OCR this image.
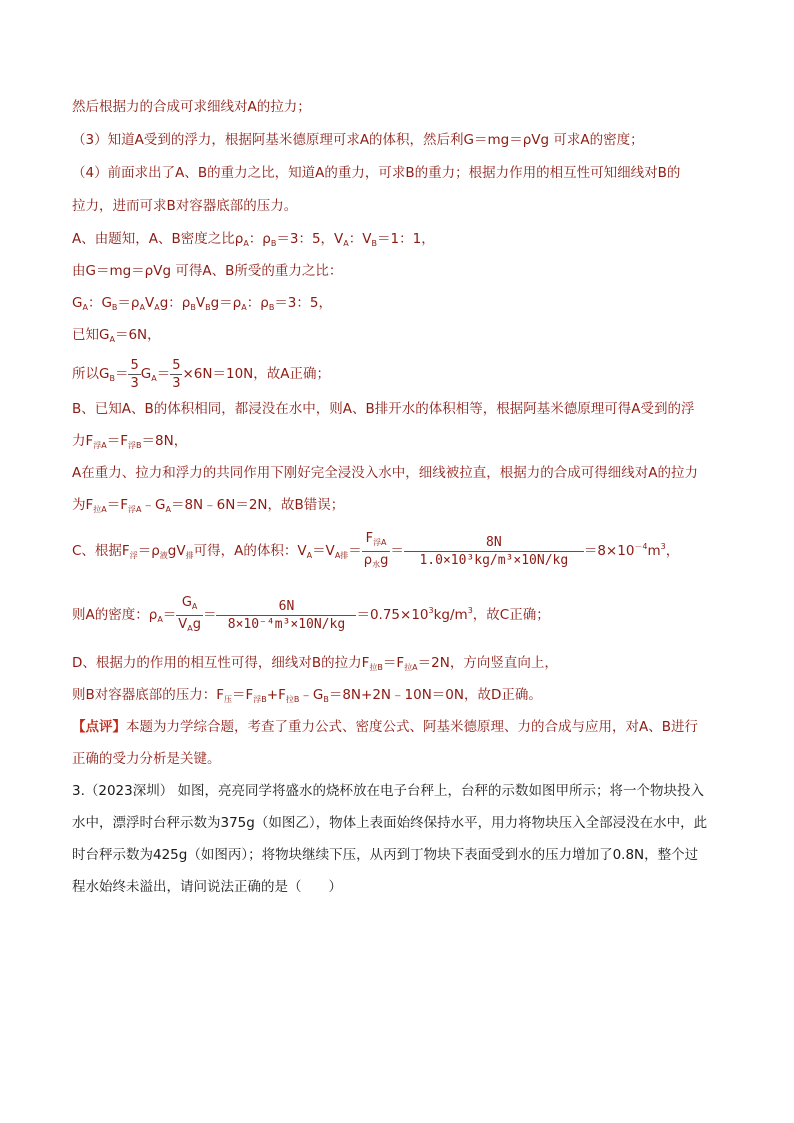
然后根据力的合成可求细线对A的拉力；
（3）知道A受到的浮力，根据阿基米德原理可求A的体积，然后利G＝mg＝ρVg 可求A的密度；
（4）前面求出了A、B的重力之比，知道A的重力，可求B的重力；根据力作用的相互性可知细线对B的
拉力，进而可求B对容器底部的压力。
A、由题知，A、B密度之比$\rho_A$：$\rho_B=3$：5，$V_A$：$V_B=1$：1，
由G＝mg＝ρVg 可得A、B所受的重力之比：
$G_A$：$G_B=\rho_AV_Ag$：$\rho_BV_Bg=\rho_A$：$\rho_B=3$：5，
已知$G_A=6N$，
所以$G_B= \frac{5}{3} G_A= \frac{5}{3} \times 6N=10N$，故A正确；
B、已知A、B的体积相同，都浸没在水中，则A、B排开水的体积相等，根据阿基米德原理可得A受到的浮
力$F_{浮A}=F_{浮B}=8N$，
A在重力、拉力和浮力的共同作用下刚好完全浸没入水中，细线被拉直，根据力的合成可得细线对A的拉力
为$F_{拉A}=F_{浮A}﹣G_A=8N﹣6N=2N$，故B错误；
C、根据$F_浮=\rho_液gV_排$可得，A的体积：$V_A=V_{A排}= \frac{F_{浮A}}{\rho_水g} = \frac{8N}{\text{1.0×10³kg/m³×10N/kg}} =8\times 10^{-4}m^3$，
则A的密度：$\rho_A= \frac{G_A}{V_Ag} = \frac{6N}{\text{8×10⁻⁴m³×10N/kg}} =0.75\times 10^3kg/m^3$，故C正确；
D、根据力的作用的相互性可得，细线对B的拉力$F_{拉B}=F_{拉A}=2N$，方向竖直向上，
则B对容器底部的压力：$F_压=F_{浮B}+F_{拉B}﹣G_B=8N+2N﹣10N=0N$，故D正确。
【点评】本题为力学综合题，考查了重力公式、密度公式、阿基米德原理、力的合成与应用，对A、B进行
正确的受力分析是关键。
3.（2023深圳） 如图，亮亮同学将盛水的烧杯放在电子台秤上，台秤的示数如图甲所示；将一个物块投入
水中，漂浮时台秤示数为375g（如图乙），物体上表面始终保持水平，用力将物块压入全部浸没在水中，此
时台秤示数为425g（如图丙）；将物块继续下压，从丙到丁物块下表面受到水的压力增加了0.8N，整个过
程水始终未溢出，请问说法正确的是（　　）
